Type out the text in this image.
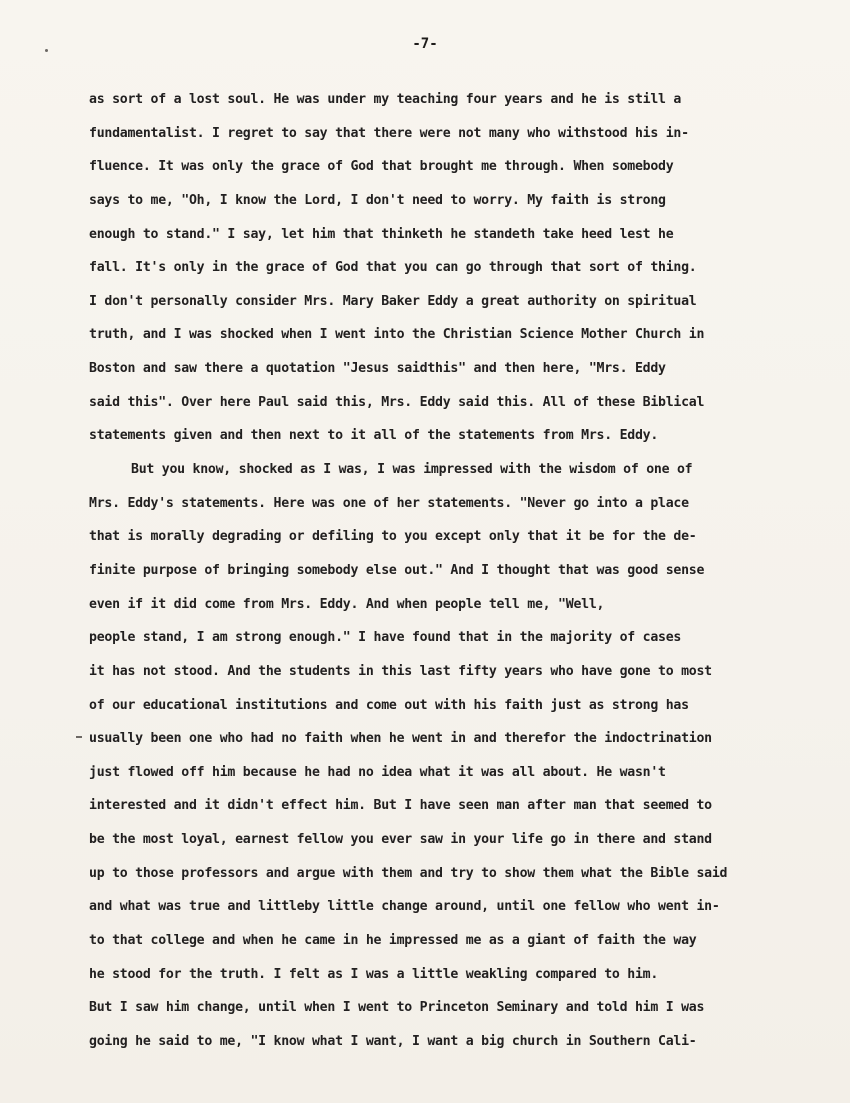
-7-
as sort of a lost soul. He was under my teaching four years and he is still a
fundamentalist. I regret to say that there were not many who withstood his in-
fluence. It was only the grace of God that brought me through. When somebody
says to me, "Oh, I know the Lord, I don't need to worry. My faith is strong
enough to stand." I say, let him that thinketh he standeth take heed lest he
fall. It's only in the grace of God that you can go through that sort of thing.
I don't personally consider Mrs. Mary Baker Eddy a great authority on spiritual
truth, and I was shocked when I went into the Christian Science Mother Church in
Boston and saw there a quotation "Jesus saidthis" and then here, "Mrs. Eddy
said this". Over here Paul said this, Mrs. Eddy said this. All of these Biblical
statements given and then next to it all of the statements from Mrs. Eddy.
But you know, shocked as I was, I was impressed with the wisdom of one of
Mrs. Eddy's statements. Here was one of her statements. "Never go into a place
that is morally degrading or defiling to you except only that it be for the de-
finite purpose of bringing somebody else out." And I thought that was good sense
even if it did come from Mrs. Eddy. And when people tell me, "Well,
people stand, I am strong enough." I have found that in the majority of cases
it has not stood. And the students in this last fifty years who have gone to most
of our educational institutions and come out with his faith just as strong has
usually been one who had no faith when he went in and therefor the indoctrination
just flowed off him because he had no idea what it was all about. He wasn't
interested and it didn't effect him. But I have seen man after man that seemed to
be the most loyal, earnest fellow you ever saw in your life go in there and stand
up to those professors and argue with them and try to show them what the Bible said
and what was true and littleby little change around, until one fellow who went in-
to that college and when he came in he impressed me as a giant of faith the way
he stood for the truth. I felt as I was a little weakling compared to him.
But I saw him change, until when I went to Princeton Seminary and told him I was
going he said to me, "I know what I want, I want a big church in Southern Cali-
